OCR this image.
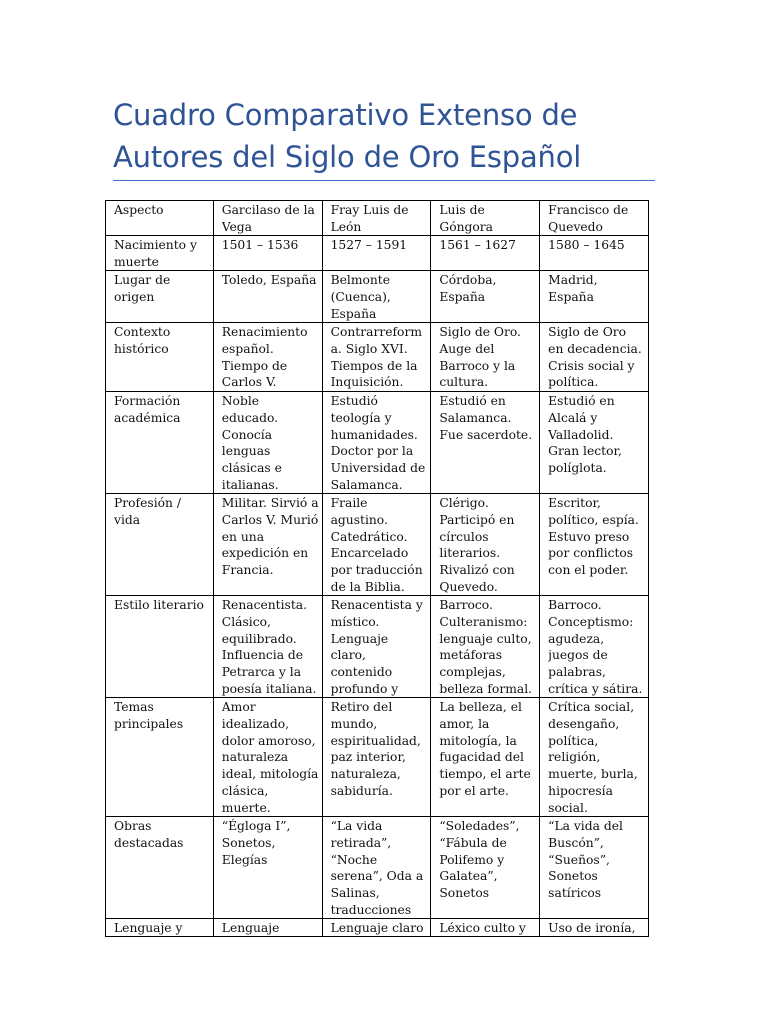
Cuadro Comparativo Extenso de Autores del Siglo de Oro Español
Aspecto	Garcilaso de la Vega	Fray Luis de León	Luis de Góngora	Francisco de Quevedo

Nacimiento y muerte	1501 – 1536	1527 – 1591	1561 – 1627	1580 – 1645

Lugar de origen	Toledo, España	Belmonte (Cuenca), España	Córdoba, España	Madrid, España

Contexto histórico	Renacimiento español. Tiempo de Carlos V.	Contrarreforma. Siglo XVI. Tiempos de la Inquisición.	Siglo de Oro. Auge del Barroco y la cultura.	Siglo de Oro en decadencia. Crisis social y política.

Formación académica	Noble educado. Conocía lenguas clásicas e italianas.	Estudió teología y humanidades. Doctor por la Universidad de Salamanca.	Estudió en Salamanca. Fue sacerdote.	Estudió en Alcalá y Valladolid. Gran lector, políglota.

Profesión / vida	Militar. Sirvió a Carlos V. Murió en una expedición en Francia.	Fraile agustino. Catedrático. Encarcelado por traducción de la Biblia.	Clérigo. Participó en círculos literarios. Rivalizó con Quevedo.	Escritor, político, espía. Estuvo preso por conflictos con el poder.

Estilo literario	Renacentista. Clásico, equilibrado. Influencia de Petrarca y la poesía italiana.	Renacentista y místico. Lenguaje claro, contenido profundo y	Barroco. Culteranismo: lenguaje culto, metáforas complejas, belleza formal.	Barroco. Conceptismo: agudeza, juegos de palabras, crítica y sátira.

Temas principales	Amor idealizado, dolor amoroso, naturaleza ideal, mitología clásica, muerte.	Retiro del mundo, espiritualidad, paz interior, naturaleza, sabiduría.	La belleza, el amor, la mitología, la fugacidad del tiempo, el arte por el arte.	Crítica social, desengaño, política, religión, muerte, burla, hipocresía social.

Obras destacadas	“Égloga I”, Sonetos, Elegías	“La vida retirada”, “Noche serena”, Oda a Salinas, traducciones	“Soledades”, “Fábula de Polifemo y Galatea”, Sonetos	“La vida del Buscón”, “Sueños”, Sonetos satíricos

Lenguaje y	Lenguaje	Lenguaje claro	Léxico culto y	Uso de ironía,
